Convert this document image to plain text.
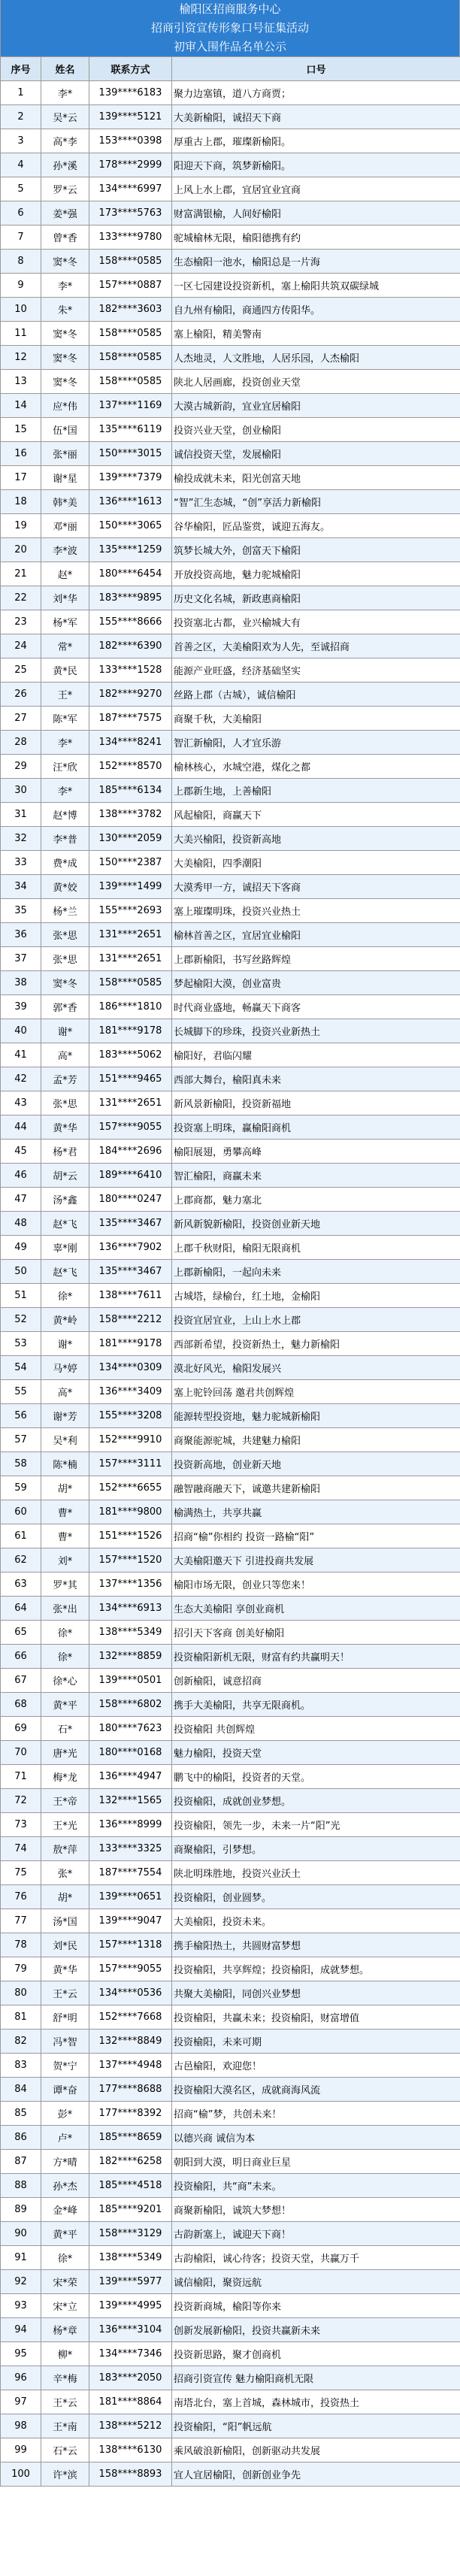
榆阳区招商服务中心
招商引资宣传形象口号征集活动
初审入围作品名单公示
序号	姓名	联系方式	口号
1	李*	139****6183	聚力边塞镇，道八方商贾；
2	吴*云	139****5121	大美新榆阳，诚招天下商
3	高*李	153****0398	厚重古上郡，璀璨新榆阳。
4	孙*溪	178****2999	阳迎天下商，筑梦新榆阳。
5	罗*云	134****6997	上风上水上郡，宜居宜业宜商
6	姜*强	173****5763	财富满银榆，人间好榆阳
7	曾*香	133****9780	驼城榆林无限，榆阳德携有约
8	窦*冬	158****0585	生态榆阳一池水，榆阳总是一片海
9	李*	157****0887	一区七园建设投资新机，塞上榆阳共筑双碳绿城
10	朱*	182****3603	自九州有榆阳，商通四方传阳华。
11	窦*冬	158****0585	塞上榆阳，精美警南
12	窦*冬	158****0585	人杰地灵，人文胜地，人居乐园，人杰榆阳
13	窦*冬	158****0585	陕北人居画廊，投资创业天堂
14	应*伟	137****1169	大漠古城新韵，宜业宜居榆阳
15	伍*国	135****6119	投资兴业天堂，创业榆阳
16	张*丽	150****3015	诚信投资天堂，发展榆阳
17	谢*星	139****7379	榆投成就未来，阳光创富天地
18	韩*美	136****1613	“智”汇生态城，“创”享活力新榆阳
19	邓*丽	150****3065	谷华榆阳，匠品鉴赏，诚迎五海友。
20	李*波	135****1259	筑梦长城大外，创富天下榆阳
21	赵*	180****6454	开放投资高地，魅力驼城榆阳
22	刘*华	183****9895	历史文化名城，新政惠商榆阳
23	杨*军	155****8666	投资塞北古都，业兴榆城大有
24	常*	182****6390	首善之区，大美榆阳欢为人先，至诚招商
25	黄*民	133****1528	能源产业旺盛，经济基础坚实
26	王*	182****9270	丝路上郡（古城），诚信榆阳
27	陈*军	187****7575	商聚千秋，大美榆阳
28	李*	134****8241	智汇新榆阳，人才宜乐游
29	汪*欣	152****8570	榆林核心，水城空港，煤化之都
30	李*	185****6134	上郡新生地，上善榆阳
31	赵*博	138****3782	风起榆阳，商赢天下
32	李*普	130****2059	大美兴榆阳，投资新高地
33	费*成	150****2387	大美榆阳，四季潮阳
34	黄*姣	139****1499	大漠秀甲一方，诚招天下客商
35	杨*兰	155****2693	塞上璀璨明珠，投资兴业热土
36	张*思	131****2651	榆林首善之区，宜居宜业榆阳
37	张*思	131****2651	上郡新榆阳，书写丝路辉煌
38	窦*冬	158****0585	梦起榆阳大漠，创业富贵
39	郭*香	186****1810	时代商业盛地，畅赢天下商客
40	谢*	181****9178	长城脚下的珍珠，投资兴业新热土
41	高*	183****5062	榆阳好，君临闪耀
42	孟*芳	151****9465	西部大舞台，榆阳真未来
43	张*思	131****2651	新风景新榆阳，投资新福地
44	黄*华	157****9055	投资塞上明珠，赢榆阳商机
45	杨*君	184****2696	榆阳展翅，勇攀高峰
46	胡*云	189****6410	智汇榆阳，商赢未来
47	汤*鑫	180****0247	上郡商都，魅力塞北
48	赵*飞	135****3467	新风新貌新榆阳，投资创业新天地
49	辜*刚	136****7902	上郡千秋财阳，榆阳无限商机
50	赵*飞	135****3467	上郡新榆阳，一起向未来
51	徐*	138****7611	古城塔，绿榆台，红土地，金榆阳
52	黄*岭	158****2212	投资宜居宜业，上山上水上郡
53	谢*	181****9178	西部新希望，投资新热土，魅力新榆阳
54	马*婷	134****0309	漠北好风光，榆阳发展兴
55	高*	136****3409	塞上驼铃回荡 邀君共创辉煌
56	谢*芳	155****3208	能源转型投资地，魅力驼城新榆阳
57	吴*利	152****9910	商聚能源驼城，共建魅力榆阳
58	陈*楠	157****3111	投资新高地，创业新天地
59	胡*	152****6655	融智融商融天下，诚邀共建新榆阳
60	曹*	181****9800	榆满热土，共享共赢
61	曹*	151****1526	招商“榆”你相约 投资一路榆“阳”
62	刘*	157****1520	大美榆阳邀天下 引进投商共发展
63	罗*其	137****1356	榆阳市场无限，创业只等您来！
64	张*出	134****6913	生态大美榆阳 享创业商机
65	徐*	138****5349	招引天下客商 创美好榆阳
66	徐*	132****8859	投资榆阳新机无限，财富有约共赢明天！
67	徐*心	139****0501	创新榆阳，诚意招商
68	黄*平	158****6802	携手大美榆阳，共享无限商机。
69	石*	180****7623	投资榆阳 共创辉煌
70	唐*光	180****0168	魅力榆阳，投资天堂
71	梅*龙	136****4947	鹏飞中的榆阳，投资者的天堂。
72	王*帝	132****1565	投资榆阳，成就创业梦想。
73	王*光	136****8999	投资榆阳，领先一步，未来一片“阳”光
74	敖*萍	133****3325	商聚榆阳，引梦想。
75	张*	187****7554	陕北明珠胜地，投资兴业沃土
76	胡*	139****0651	投资榆阳，创业圆梦。
77	汤*国	139****9047	大美榆阳，投资未来。
78	刘*民	157****1318	携手榆阳热土，共圆财富梦想
79	黄*华	157****9055	投资榆阳，共享辉煌；投资榆阳，成就梦想。
80	王*云	134****0536	共聚大美榆阳，同创兴业梦想
81	舒*明	152****7668	投资榆阳，共赢未来；投资榆阳，财富增值
82	冯*智	132****8849	投资榆阳，未来可期
83	贺*宁	137****4948	古邑榆阳，欢迎您！
84	谭*奋	177****8688	投资榆阳大漠名区，成就商海风流
85	彭*	177****8392	招商“榆”梦，共创未来！
86	卢*	185****8659	以德兴商 诚信为本
87	方*晴	182****6258	朝阳到大漠，明日商业巨星
88	孙*杰	185****4518	投资榆阳，共“商”未来。
89	金*峰	185****9201	商聚新榆阳，诚筑大梦想！
90	黄*平	158****3129	古韵新塞上，诚迎天下商！
91	徐*	138****5349	古韵榆阳，诚心待客；投资天堂，共赢万千
92	宋*荣	139****5977	诚信榆阳，聚资远航
93	宋*立	139****4995	投资新商城，榆阳等你来
94	杨*章	136****3104	创新发展新榆阳，投资共赢新未来
95	柳*	134****7346	投资新思路，聚才创商机
96	辛*梅	183****2050	招商引资宣传 魅力榆阳商机无限
97	王*云	181****8864	南塔北台，塞上首城，森林城市，投资热土
98	王*南	138****5212	投资榆阳，“阳”帆远航
99	石*云	138****6130	乘风破浪新榆阳，创新驱动共发展
100	许*滨	158****8893	宜人宜居榆阳，创新创业争先
